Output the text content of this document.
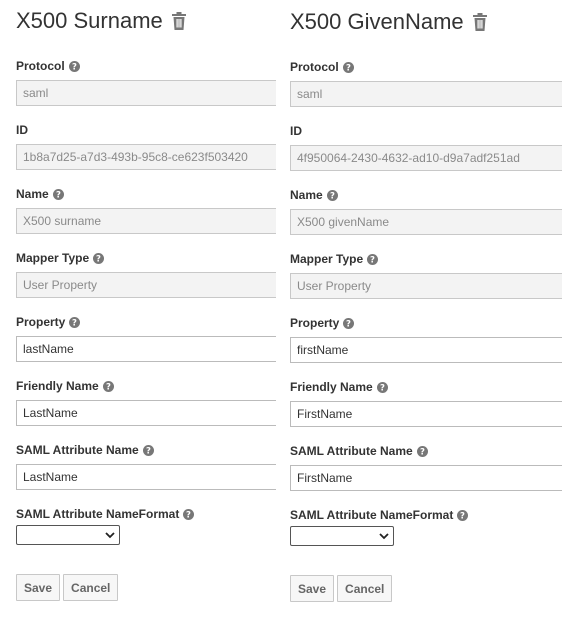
X500 Surname
Protocol ?
saml
ID
1b8a7d25-a7d3-493b-95c8-ce623f503420
Name ?
X500 surname
Mapper Type ?
User Property
Property ?
lastName
Friendly Name ?
LastName
SAML Attribute Name ?
LastName
SAML Attribute NameFormat ?
Save	Cancel
X500 GivenName
Protocol ?
saml
ID
4f950064-2430-4632-ad10-d9a7adf251ad
Name ?
X500 givenName
Mapper Type ?
User Property
Property ?
firstName
Friendly Name ?
FirstName
SAML Attribute Name ?
FirstName
SAML Attribute NameFormat ?
Save	Cancel
